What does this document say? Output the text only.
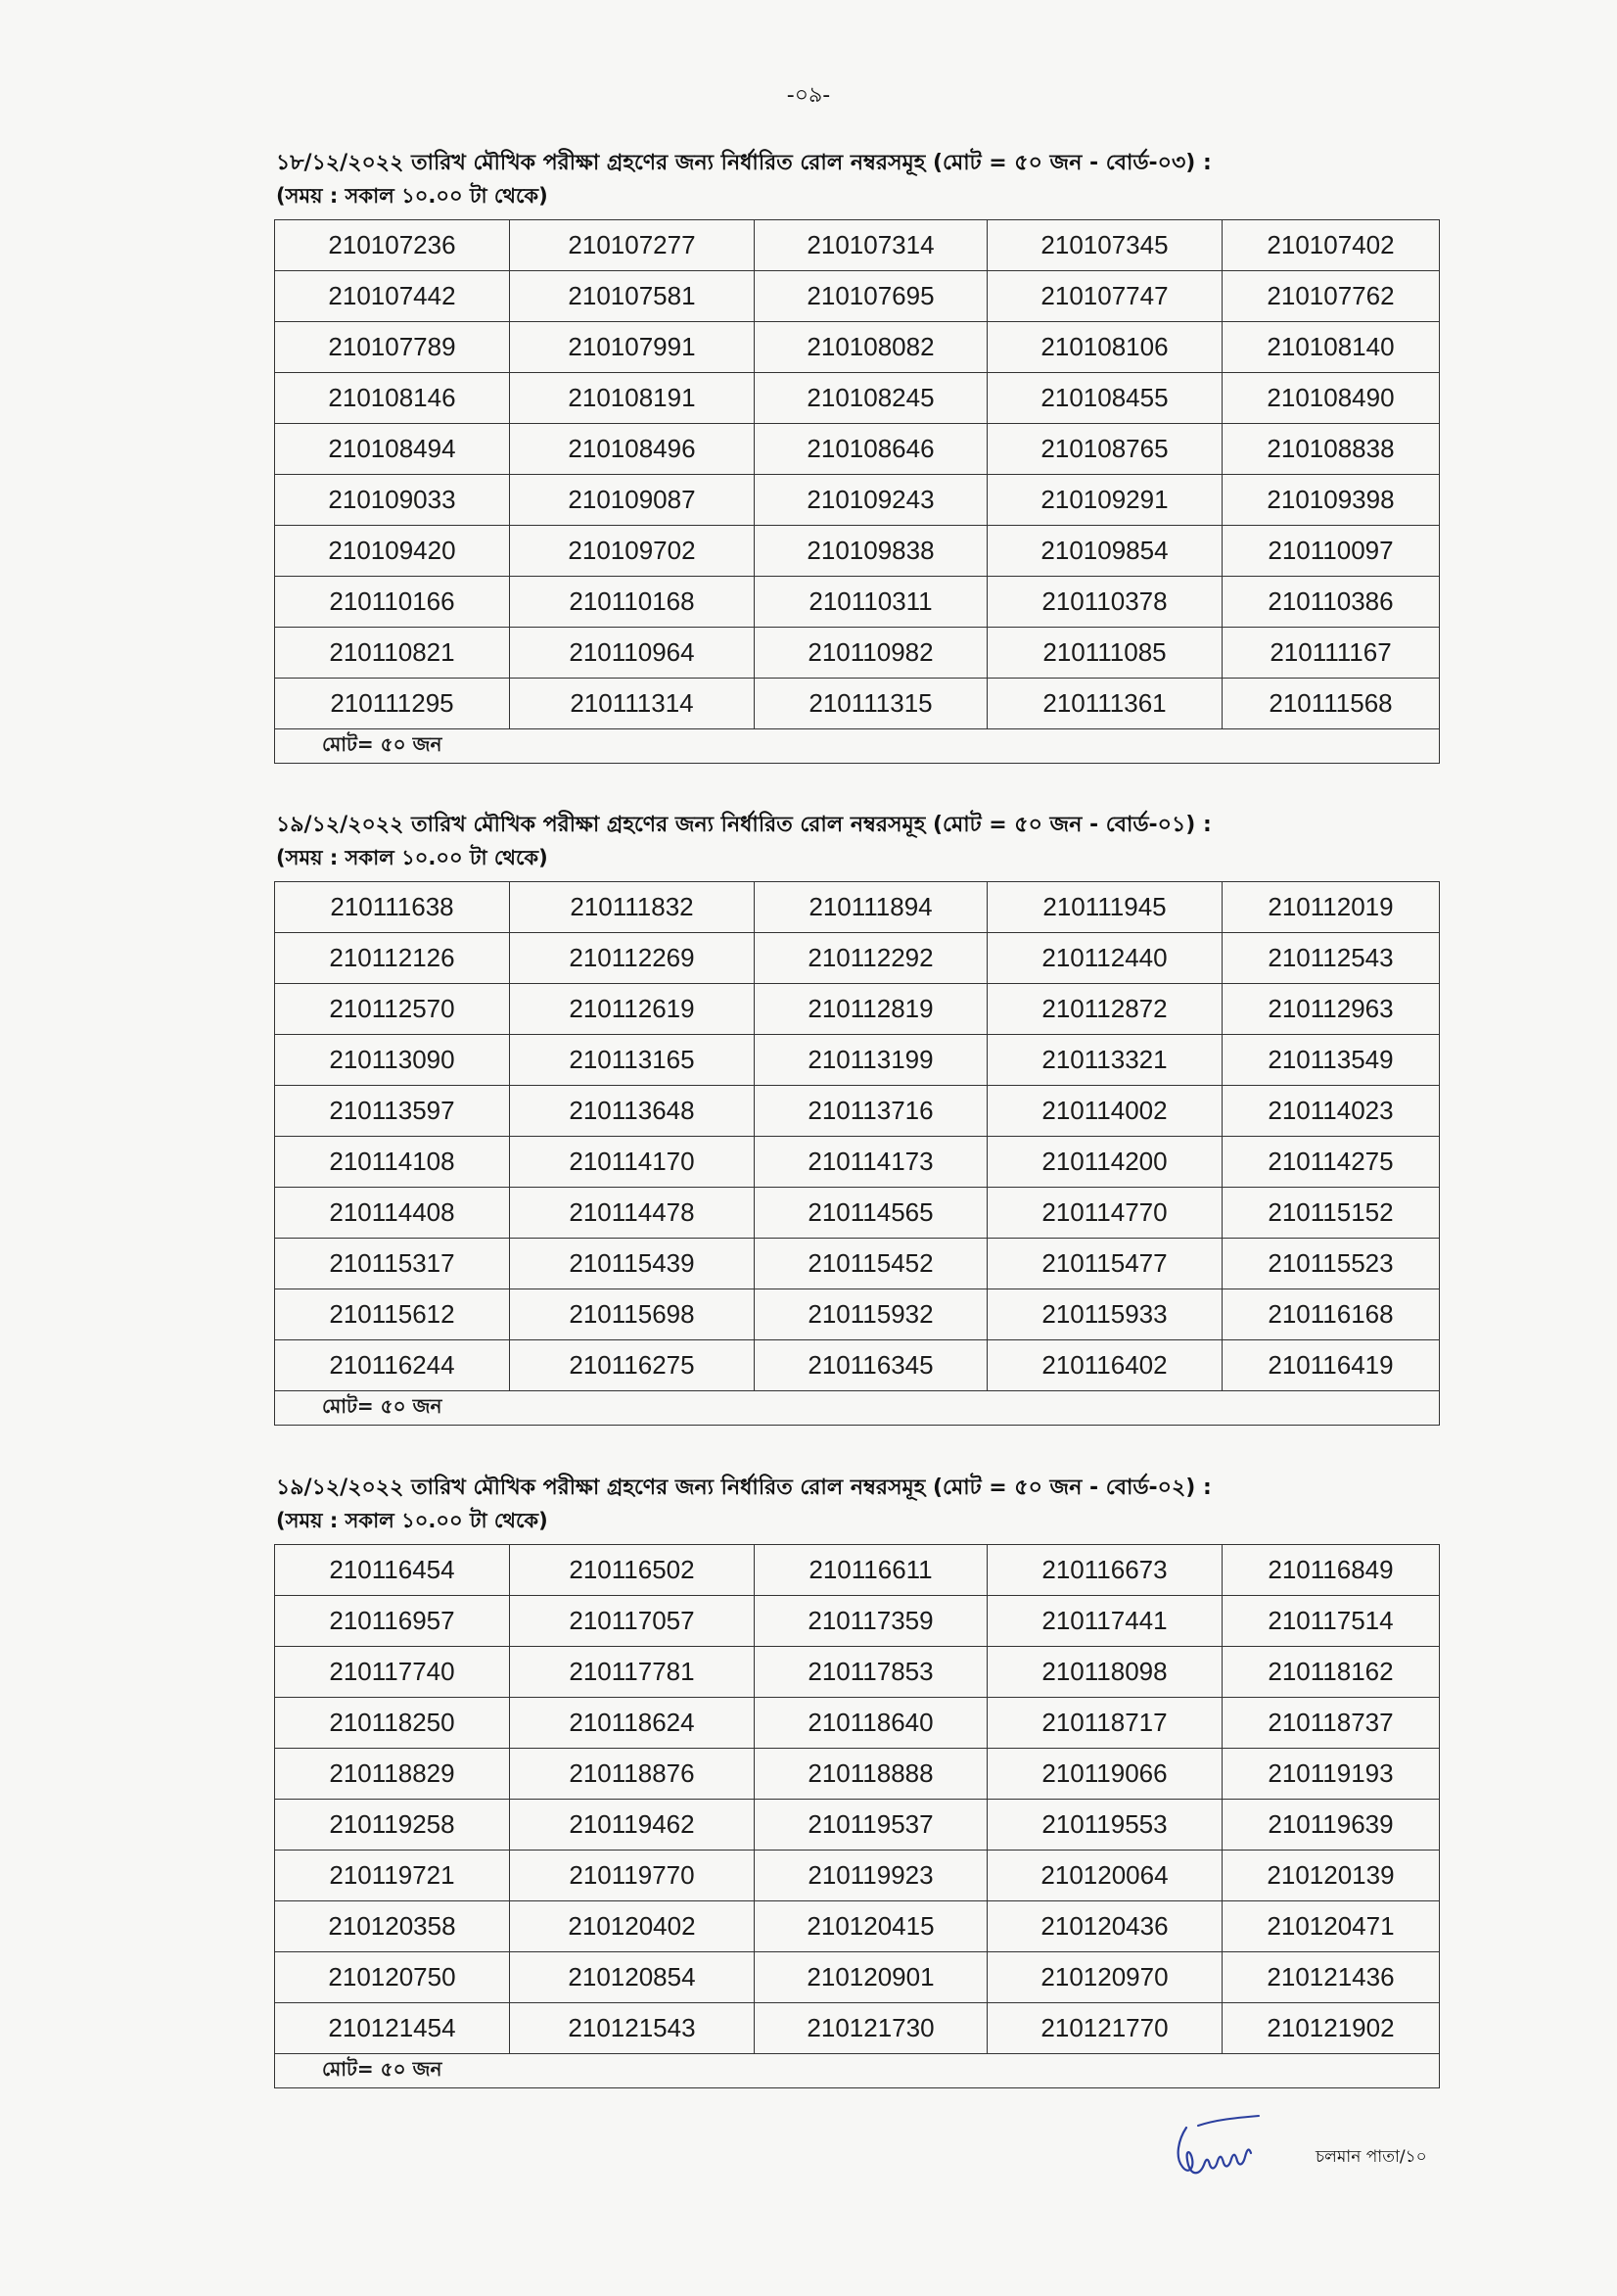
-০৯-
১৮/১২/২০২২ তারিখ মৌখিক পরীক্ষা গ্রহণের জন্য নির্ধারিত রোল নম্বরসমূহ (মোট = ৫০ জন - বোর্ড-০৩) :
(সময় : সকাল ১০.০০ টা থেকে)
210107236	210107277	210107314	210107345	210107402
210107442	210107581	210107695	210107747	210107762
210107789	210107991	210108082	210108106	210108140
210108146	210108191	210108245	210108455	210108490
210108494	210108496	210108646	210108765	210108838
210109033	210109087	210109243	210109291	210109398
210109420	210109702	210109838	210109854	210110097
210110166	210110168	210110311	210110378	210110386
210110821	210110964	210110982	210111085	210111167
210111295	210111314	210111315	210111361	210111568
মোট= ৫০ জন				
১৯/১২/২০২২ তারিখ মৌখিক পরীক্ষা গ্রহণের জন্য নির্ধারিত রোল নম্বরসমূহ (মোট = ৫০ জন - বোর্ড-০১) :
(সময় : সকাল ১০.০০ টা থেকে)
210111638	210111832	210111894	210111945	210112019
210112126	210112269	210112292	210112440	210112543
210112570	210112619	210112819	210112872	210112963
210113090	210113165	210113199	210113321	210113549
210113597	210113648	210113716	210114002	210114023
210114108	210114170	210114173	210114200	210114275
210114408	210114478	210114565	210114770	210115152
210115317	210115439	210115452	210115477	210115523
210115612	210115698	210115932	210115933	210116168
210116244	210116275	210116345	210116402	210116419
মোট= ৫০ জন				
১৯/১২/২০২২ তারিখ মৌখিক পরীক্ষা গ্রহণের জন্য নির্ধারিত রোল নম্বরসমূহ (মোট = ৫০ জন - বোর্ড-০২) :
(সময় : সকাল ১০.০০ টা থেকে)
210116454	210116502	210116611	210116673	210116849
210116957	210117057	210117359	210117441	210117514
210117740	210117781	210117853	210118098	210118162
210118250	210118624	210118640	210118717	210118737
210118829	210118876	210118888	210119066	210119193
210119258	210119462	210119537	210119553	210119639
210119721	210119770	210119923	210120064	210120139
210120358	210120402	210120415	210120436	210120471
210120750	210120854	210120901	210120970	210121436
210121454	210121543	210121730	210121770	210121902
মোট= ৫০ জন				
চলমান পাতা/১০
